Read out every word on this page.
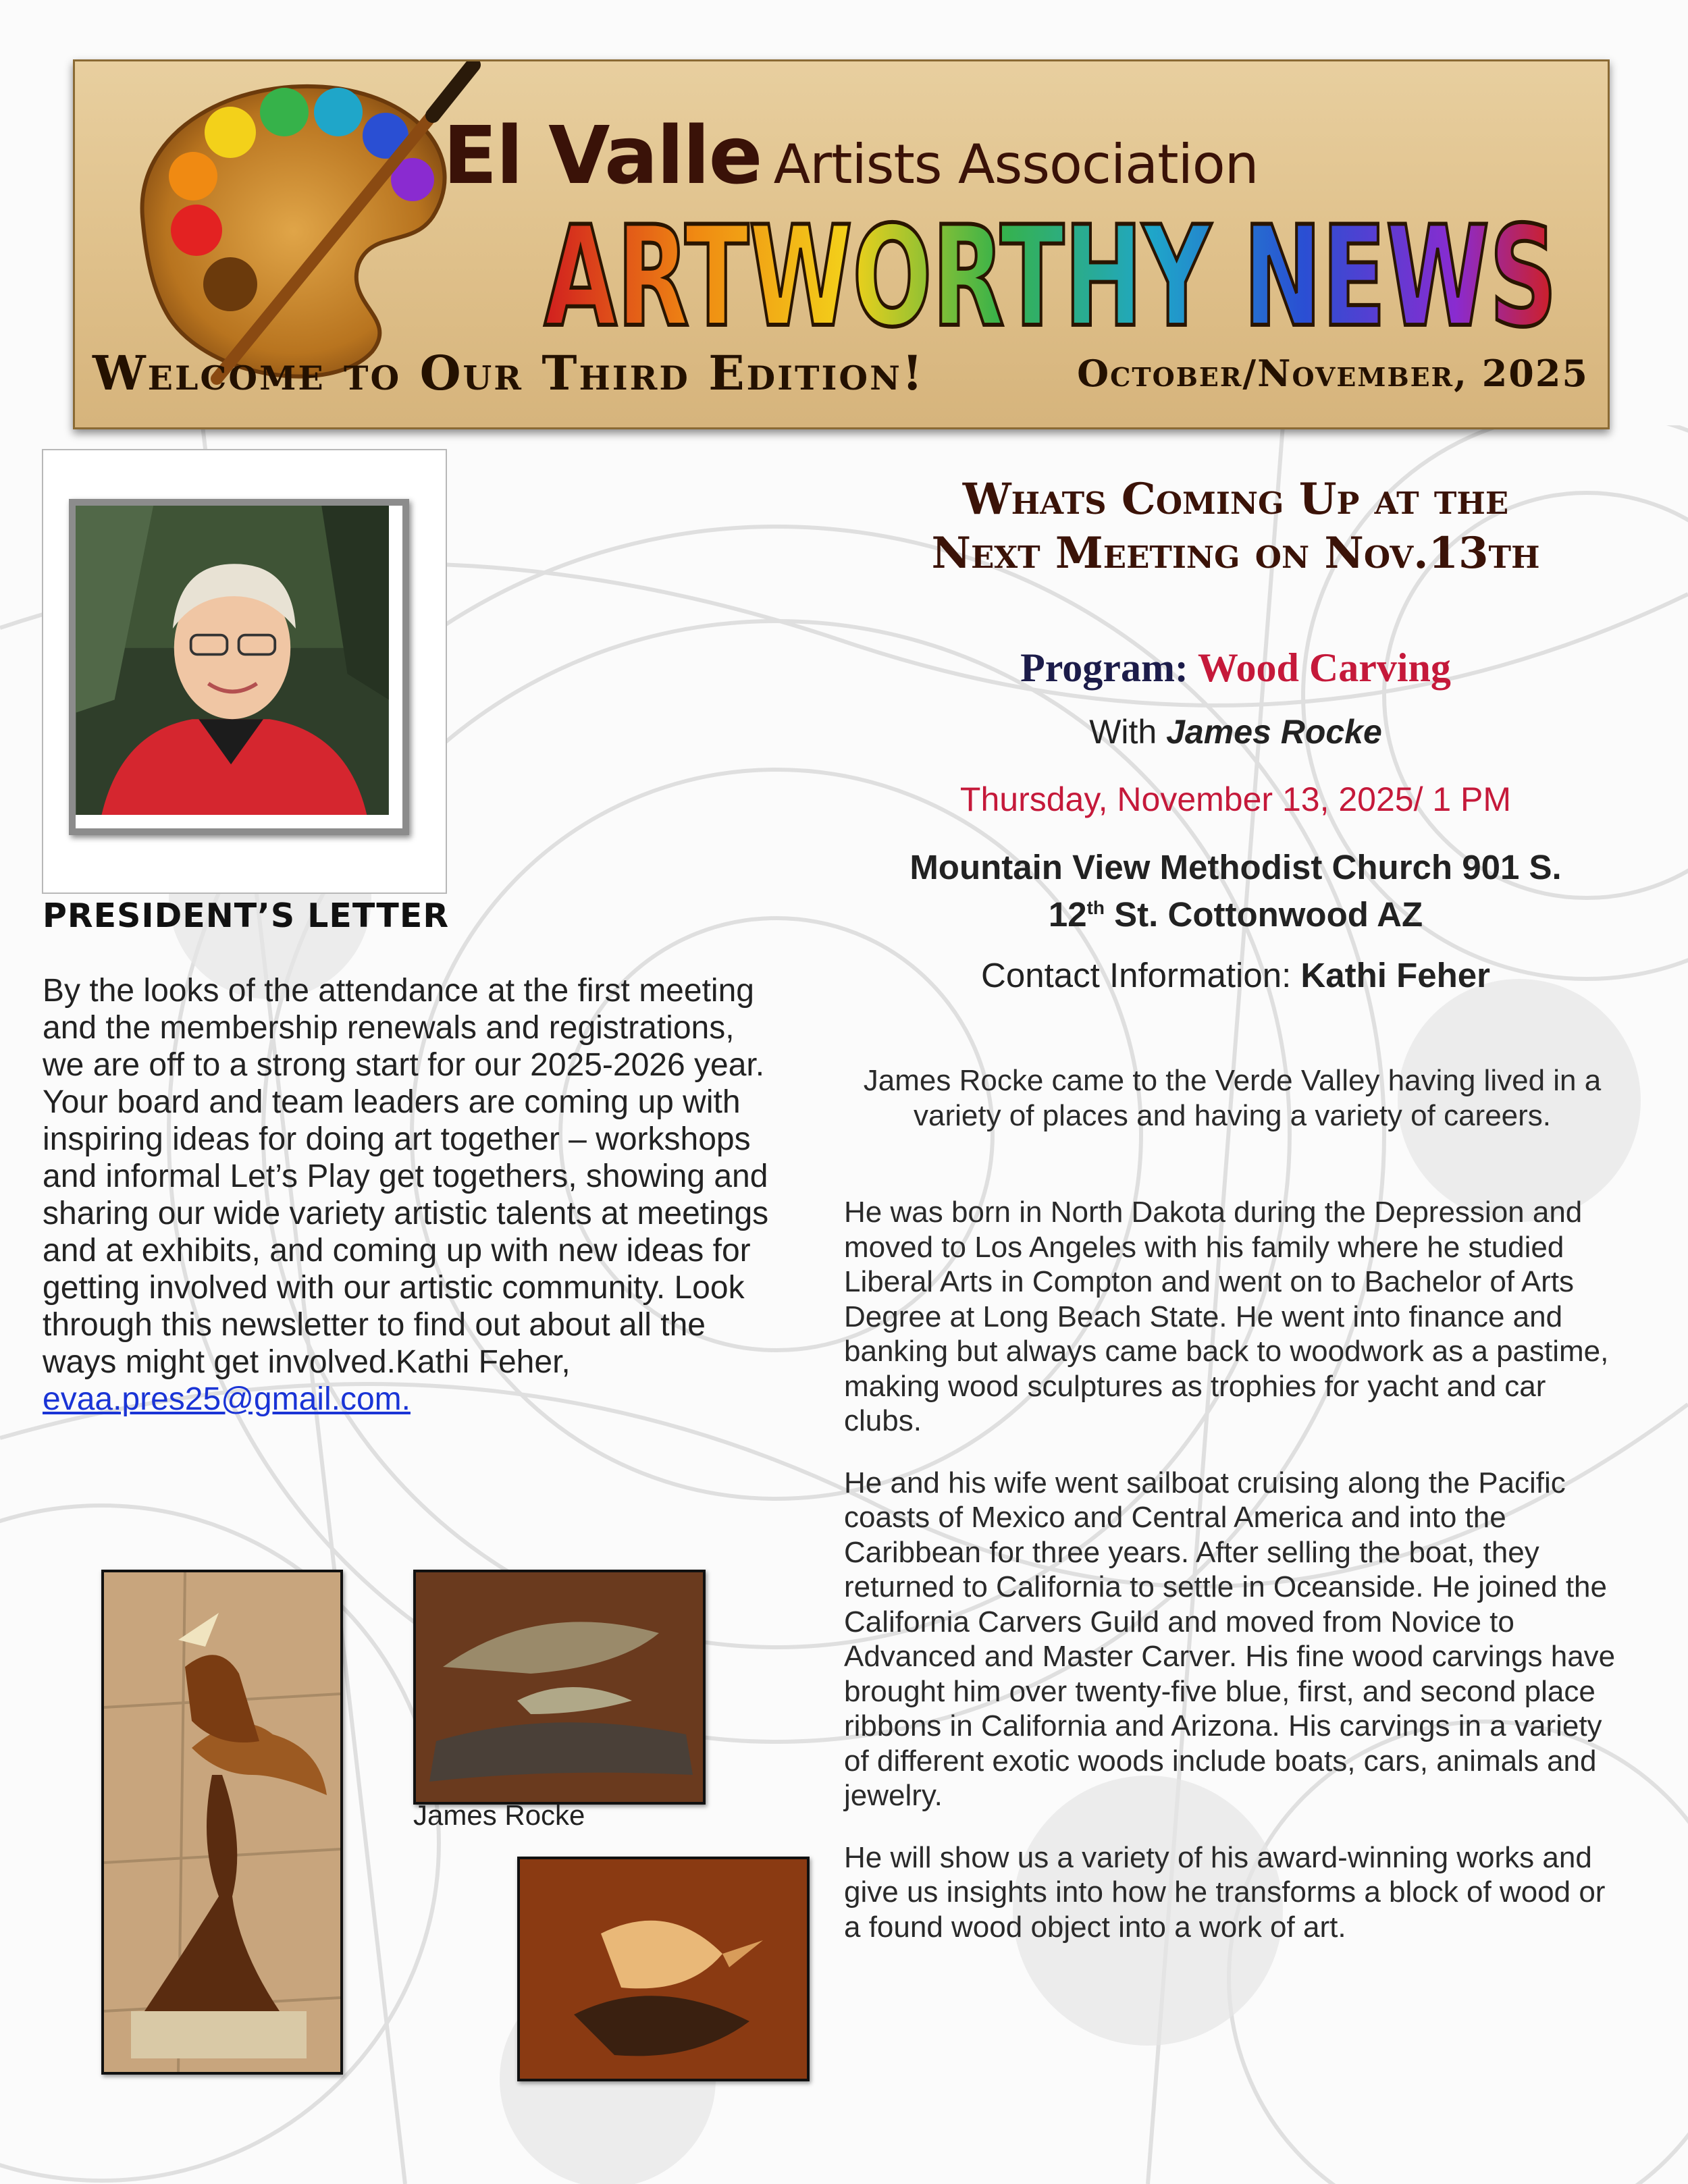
El Valle Artists Association
ARTWORTHY NEWS
Welcome to Our Third Edition!	October/November, 2025
PRESIDENT’S LETTER

By the looks of the attendance at the first meeting and the membership renewals and registrations, we are off to a strong start for our 2025-2026 year.

Your board and team leaders are coming up with inspiring ideas for doing art together – workshops and informal Let’s Play get togethers, showing and sharing our wide variety artistic talents at meetings and at exhibits, and coming up with new ideas for getting involved with our artistic community. Look through this newsletter to find out about all the ways might get involved.Kathi Feher, evaa.pres25@gmail.com.

James Rocke
Whats Coming Up at the
Next Meeting on Nov.13th
Program: Wood Carving
With James Rocke
Thursday, November 13, 2025/ 1 PM
Mountain View Methodist Church 901 S.
12th St. Cottonwood AZ
Contact Information: Kathi Feher
James Rocke came to the Verde Valley having lived in a variety of places and having a variety of careers.

He was born in North Dakota during the Depression and moved to Los Angeles with his family where he studied Liberal Arts in Compton and went on to Bachelor of Arts Degree at Long Beach State. He went into finance and banking but always came back to woodwork as a pastime, making wood sculptures as trophies for yacht and car clubs.

He and his wife went sailboat cruising along the Pacific coasts of Mexico and Central America and into the Caribbean for three years. After selling the boat, they returned to California to settle in Oceanside. He joined the California Carvers Guild and moved from Novice to Advanced and Master Carver. His fine wood carvings have brought him over twenty-five blue, first, and second place ribbons in California and Arizona. His carvings in a variety of different exotic woods include boats, cars, animals and jewelry.

He will show us a variety of his award-winning works and give us insights into how he transforms a block of wood or a found wood object into a work of art.
